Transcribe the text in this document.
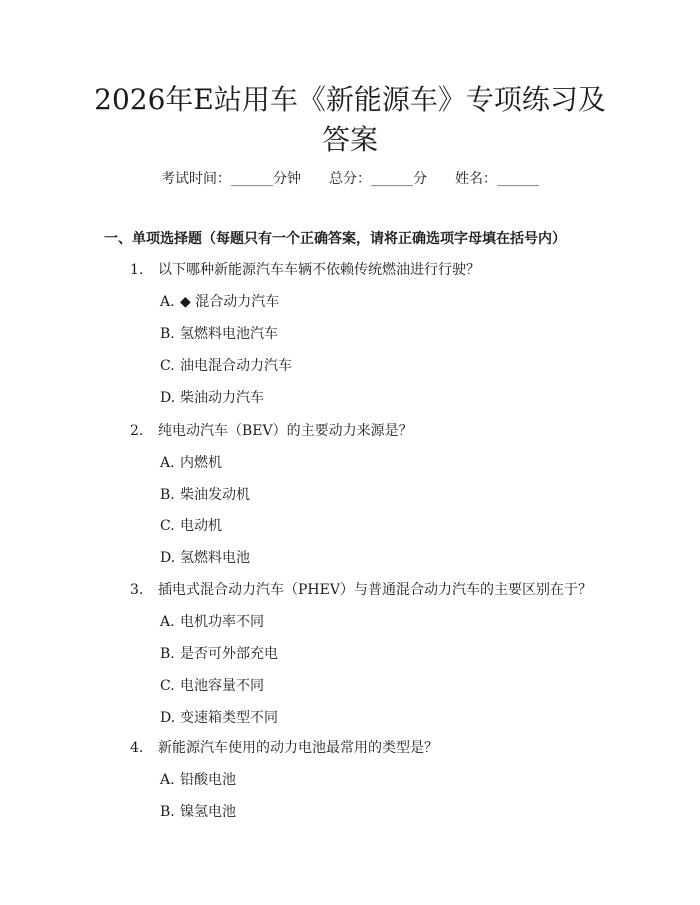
2026年E站用车《新能源车》专项练习及答案
考试时间：______分钟 总分：______分 姓名：______
一、单项选择题（每题只有一个正确答案，请将正确选项字母填在括号内）
1. 以下哪种新能源汽车车辆不依赖传统燃油进行行驶？
A. ◆ 混合动力汽车
B. 氢燃料电池汽车
C. 油电混合动力汽车
D. 柴油动力汽车
2. 纯电动汽车（BEV）的主要动力来源是？
A. 内燃机
B. 柴油发动机
C. 电动机
D. 氢燃料电池
3. 插电式混合动力汽车（PHEV）与普通混合动力汽车的主要区别在于？
A. 电机功率不同
B. 是否可外部充电
C. 电池容量不同
D. 变速箱类型不同
4. 新能源汽车使用的动力电池最常用的类型是？
A. 铅酸电池
B. 镍氢电池
